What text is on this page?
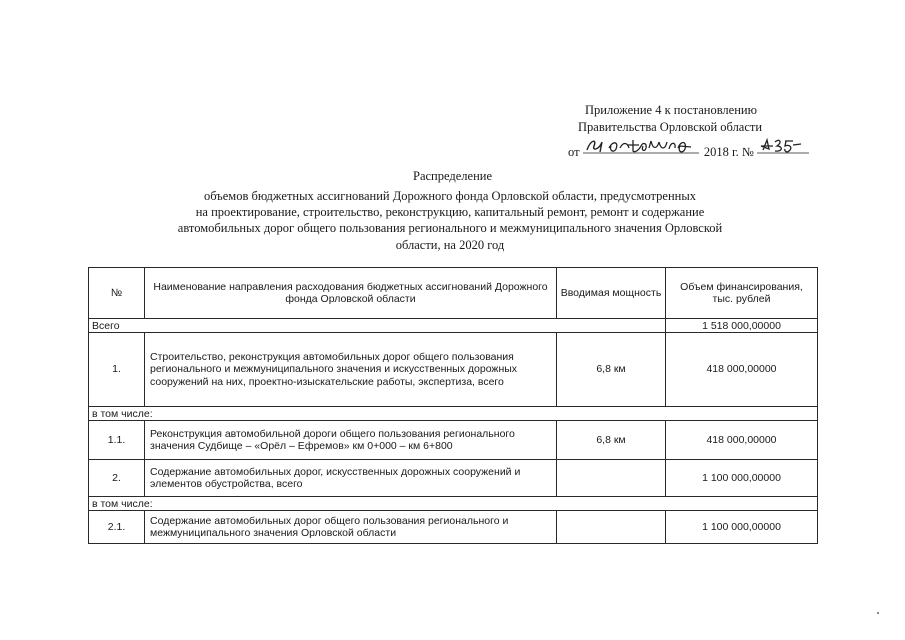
Приложение 4 к постановлению
Правительства Орловской области
от	2018 г. №
Распределение
объемов бюджетных ассигнований Дорожного фонда Орловской области, предусмотренных
на проектирование, строительство, реконструкцию, капитальный ремонт, ремонт и содержание
автомобильных дорог общего пользования регионального и межмуниципального значения Орловской
области, на 2020 год
№	Наименование направления расходования бюджетных ассигнований Дорожного фонда Орловской области	Вводимая мощность	Объем финансирования, тыс. рублей
Всего			1 518 000,00000
1.	Строительство, реконструкция автомобильных дорог общего пользования регионального и межмуниципального значения и искусственных дорожных сооружений на них, проектно-изыскательские работы, экспертиза, всего	6,8 км	418 000,00000
в том числе:			
1.1.	Реконструкция автомобильной дороги общего пользования регионального значения Судбище – «Орёл – Ефремов» км 0+000 – км 6+800	6,8 км	418 000,00000
2.	Содержание автомобильных дорог, искусственных дорожных сооружений и элементов обустройства, всего		1 100 000,00000
в том числе:			
2.1.	Содержание автомобильных дорог общего пользования регионального и межмуниципального значения Орловской области		1 100 000,00000
